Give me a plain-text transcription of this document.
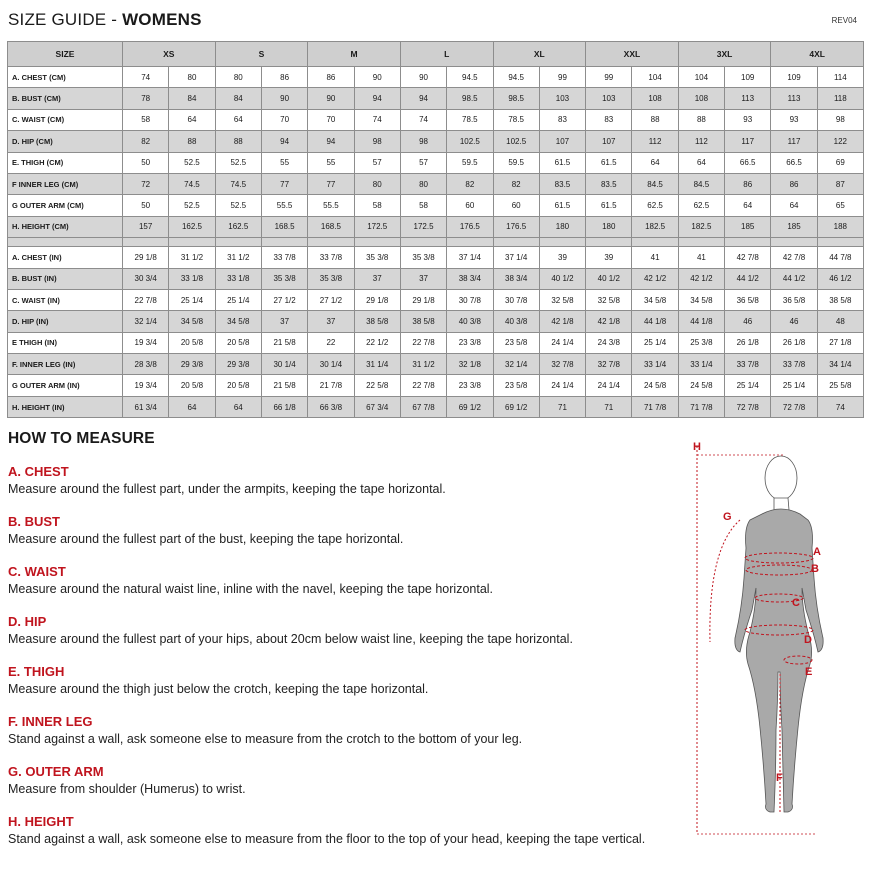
SIZE GUIDE - WOMENS	REV04
SIZE	XS		S		M		L		XL		XXL		3XL		4XL	
A. CHEST (CM)	74	80	80	86	86	90	90	94.5	94.5	99	99	104	104	109	109	114
B. BUST (CM)	78	84	84	90	90	94	94	98.5	98.5	103	103	108	108	113	113	118
C. WAIST (CM)	58	64	64	70	70	74	74	78.5	78.5	83	83	88	88	93	93	98
D. HIP (CM)	82	88	88	94	94	98	98	102.5	102.5	107	107	112	112	117	117	122
E. THIGH (CM)	50	52.5	52.5	55	55	57	57	59.5	59.5	61.5	61.5	64	64	66.5	66.5	69
F INNER LEG (CM)	72	74.5	74.5	77	77	80	80	82	82	83.5	83.5	84.5	84.5	86	86	87
G OUTER ARM (CM)	50	52.5	52.5	55.5	55.5	58	58	60	60	61.5	61.5	62.5	62.5	64	64	65
H. HEIGHT (CM)	157	162.5	162.5	168.5	168.5	172.5	172.5	176.5	176.5	180	180	182.5	182.5	185	185	188

A. CHEST (IN)	29 1/8	31 1/2	31 1/2	33 7/8	33 7/8	35 3/8	35 3/8	37 1/4	37 1/4	39	39	41	41	42 7/8	42 7/8	44 7/8
B. BUST (IN)	30 3/4	33 1/8	33 1/8	35 3/8	35 3/8	37	37	38 3/4	38 3/4	40 1/2	40 1/2	42 1/2	42 1/2	44 1/2	44 1/2	46 1/2
C. WAIST (IN)	22 7/8	25 1/4	25 1/4	27 1/2	27 1/2	29 1/8	29 1/8	30 7/8	30 7/8	32 5/8	32 5/8	34 5/8	34 5/8	36 5/8	36 5/8	38 5/8
D. HIP (IN)	32 1/4	34 5/8	34 5/8	37	37	38 5/8	38 5/8	40 3/8	40 3/8	42 1/8	42 1/8	44 1/8	44 1/8	46	46	48
E THIGH (IN)	19 3/4	20 5/8	20 5/8	21 5/8	22	22 1/2	22 7/8	23 3/8	23 5/8	24 1/4	24 3/8	25 1/4	25 3/8	26 1/8	26 1/8	27 1/8
F. INNER LEG (IN)	28 3/8	29 3/8	29 3/8	30 1/4	30 1/4	31 1/4	31 1/2	32 1/8	32 1/4	32 7/8	32 7/8	33 1/4	33 1/4	33 7/8	33 7/8	34 1/4
G OUTER ARM (IN)	19 3/4	20 5/8	20 5/8	21 5/8	21 7/8	22 5/8	22 7/8	23 3/8	23 5/8	24 1/4	24 1/4	24 5/8	24 5/8	25 1/4	25 1/4	25 5/8
H. HEIGHT (IN)	61 3/4	64	64	66 1/8	66 3/8	67 3/4	67 7/8	69 1/2	69 1/2	71	71	71 7/8	71 7/8	72 7/8	72 7/8	74
HOW TO MEASURE
A. CHEST
Measure around the fullest part, under the armpits, keeping the tape horizontal.
B. BUST
Measure around the fullest part of the bust, keeping the tape horizontal.
C. WAIST
Measure around the natural waist line, inline with the navel, keeping the tape horizontal.
D. HIP
Measure around the fullest part of your hips, about 20cm below waist line, keeping the tape horizontal.
E. THIGH
Measure around the thigh just below the crotch, keeping the tape horizontal.
F. INNER LEG
Stand against a wall, ask someone else to measure from the crotch to the bottom of your leg.
G. OUTER ARM
Measure from shoulder (Humerus) to wrist.
H. HEIGHT
Stand against a wall, ask someone else to measure from the floor to the top of your head, keeping the tape vertical.
H
G
A
B
C
D
E
F
